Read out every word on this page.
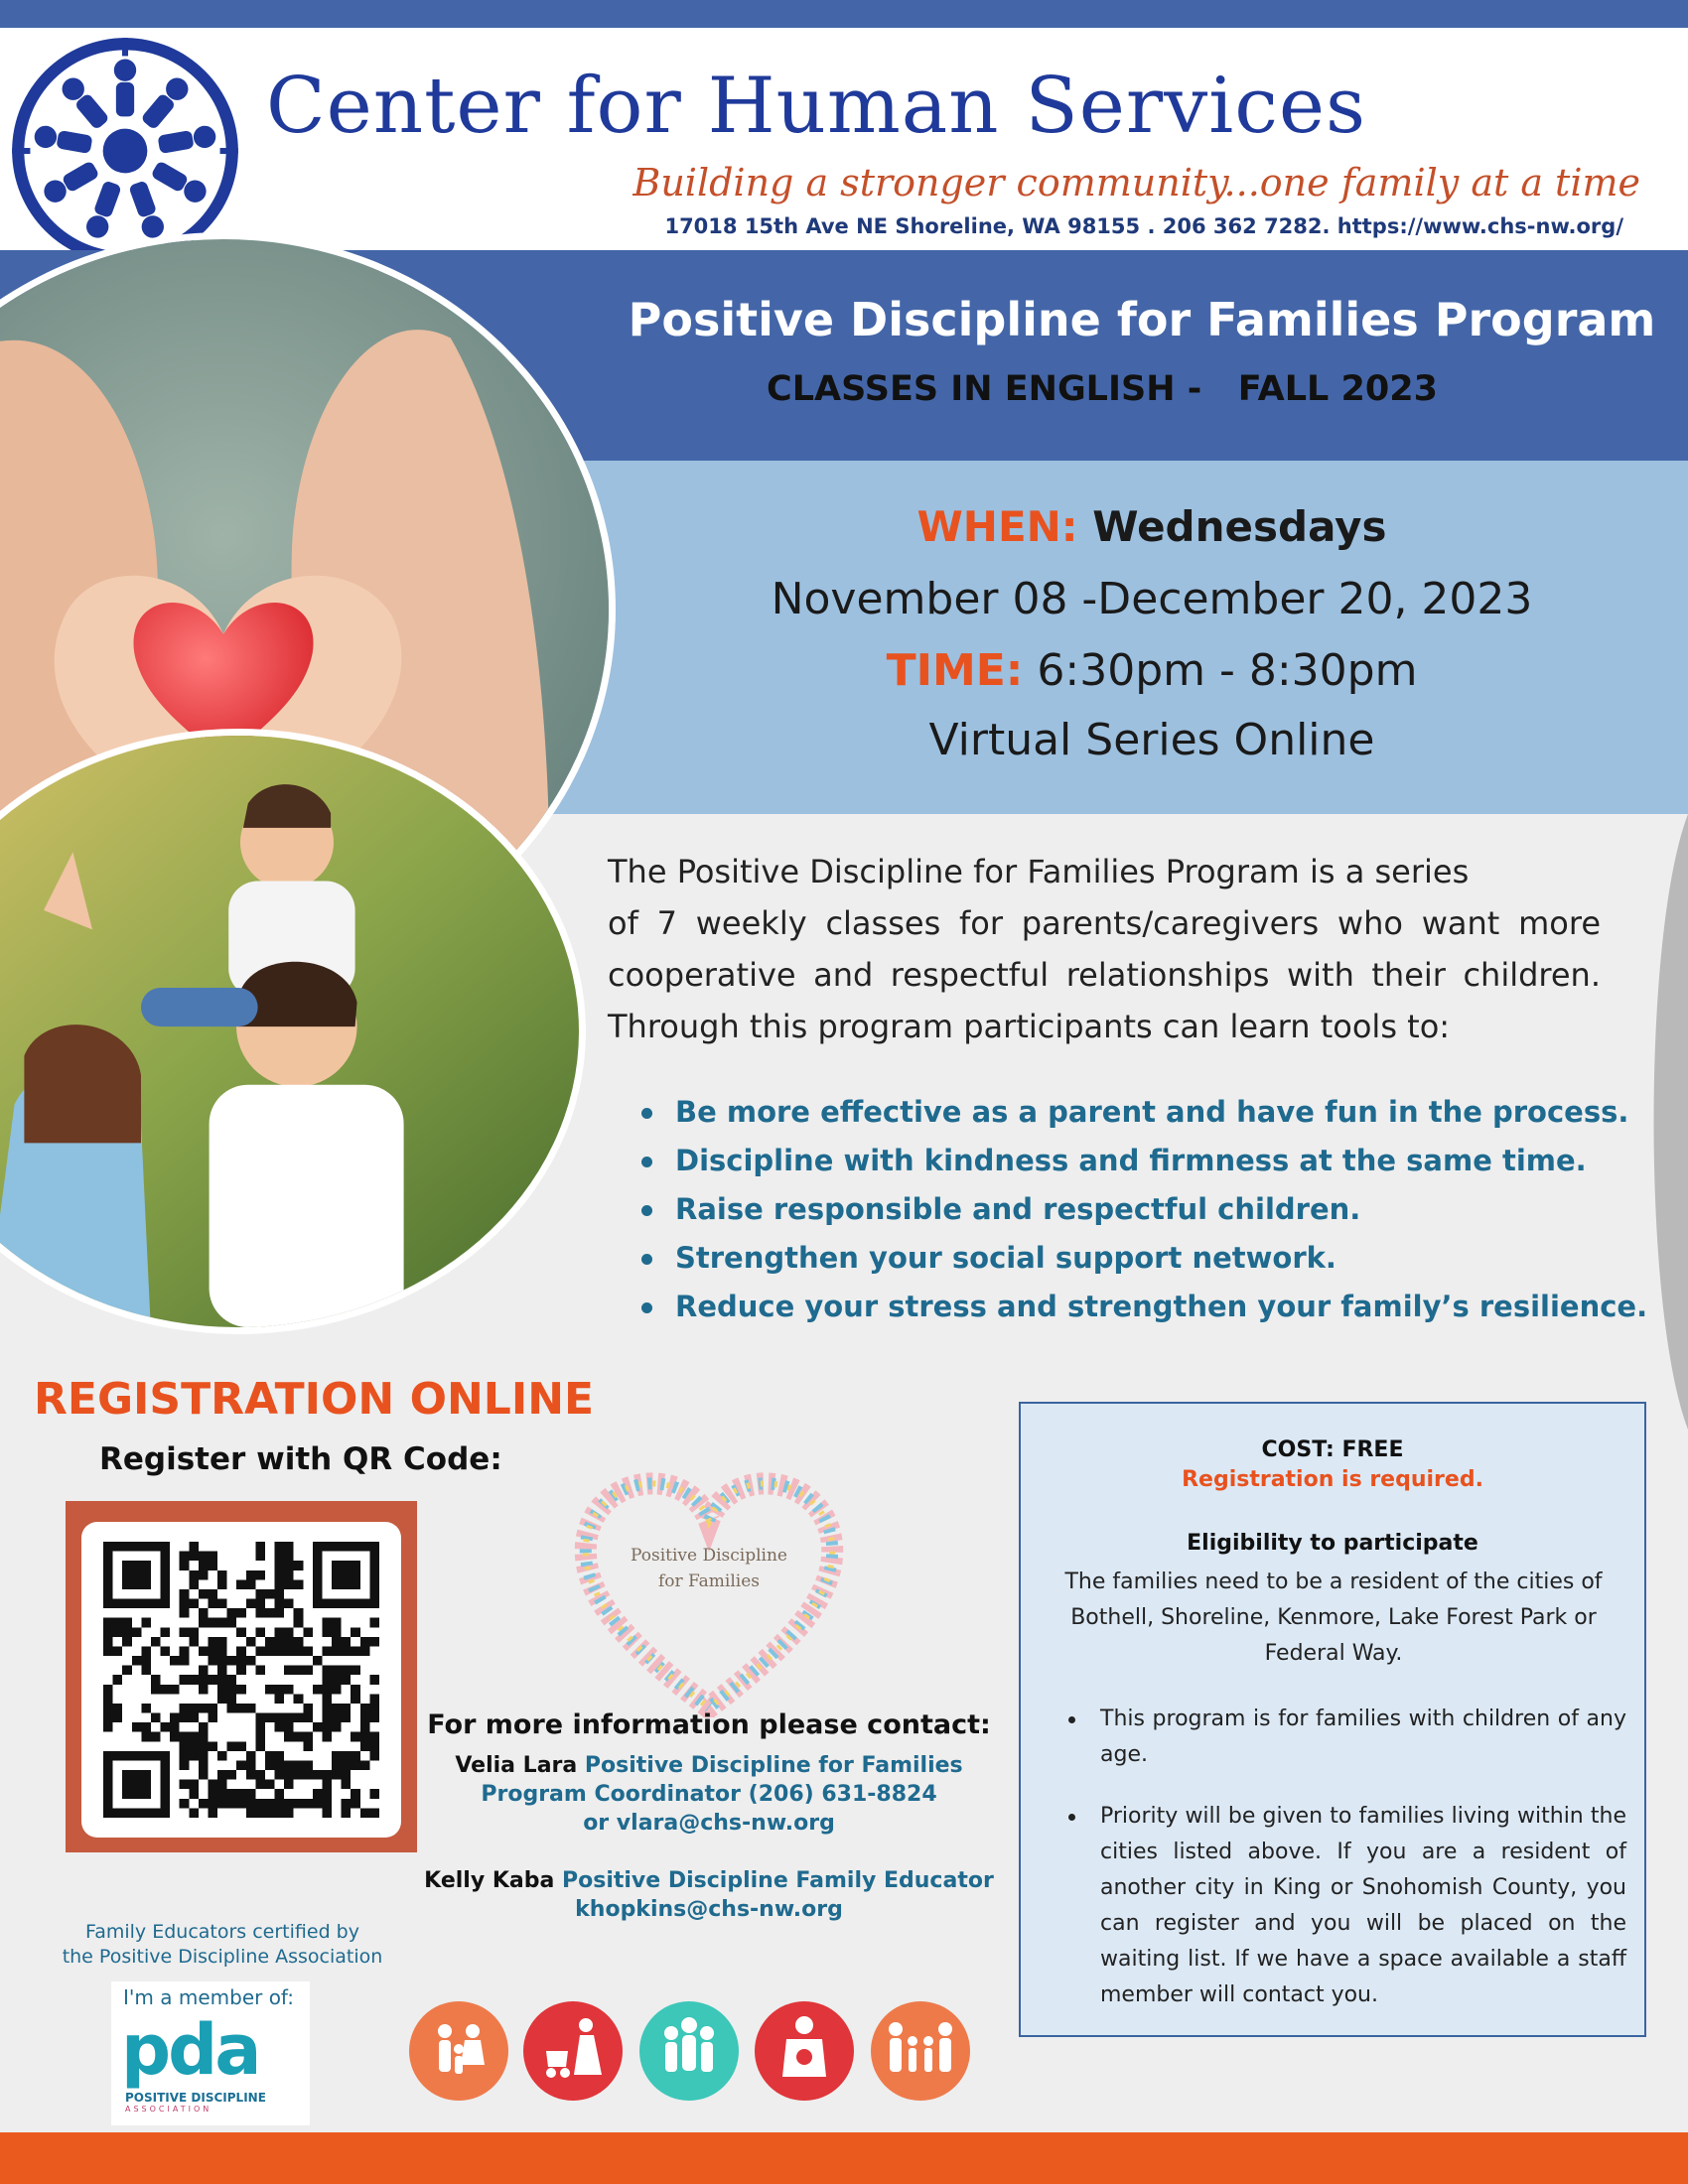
Center for Human Services
Building a stronger community...one family at a time
17018 15th Ave NE Shoreline, WA 98155 . 206 362 7282. https://www.chs-nw.org/
Positive Discipline for Families Program
CLASSES IN ENGLISH -   FALL 2023
WHEN: Wednesdays
November 08 -December 20, 2023
TIME: 6:30pm - 8:30pm
Virtual Series Online

The Positive Discipline for Families Program is a series

of 7 weekly classes for parents/caregivers who want more cooperative and respectful relationships with their children. Through this program participants can learn tools to:

Be more effective as a parent and have fun in the process.
Discipline with kindness and firmness at the same time.
Raise responsible and respectful children.
Strengthen your social support network.
Reduce your stress and strengthen your family’s resilience.
REGISTRATION ONLINE
Register with QR Code:
Family Educators certified by
the Positive Discipline Association
I'm a member of:
pda
POSITIVE DISCIPLINE
ASSOCIATION
Positive Discipline
for Families
For more information please contact:
Velia Lara Positive Discipline for Families
Program Coordinator (206) 631-8824
or vlara@chs-nw.org
Kelly Kaba Positive Discipline Family Educator
khopkins@chs-nw.org
COST: FREE
Registration is required.
Eligibility to participate
The families need to be a resident of the cities of Bothell, Shoreline, Kenmore, Lake Forest Park or Federal Way.
This program is for families with children of any age.
Priority will be given to families living within the cities listed above. If you are a resident of another city in King or Snohomish County, you can register and you will be placed on the waiting list. If we have a space available a staff member will contact you.
